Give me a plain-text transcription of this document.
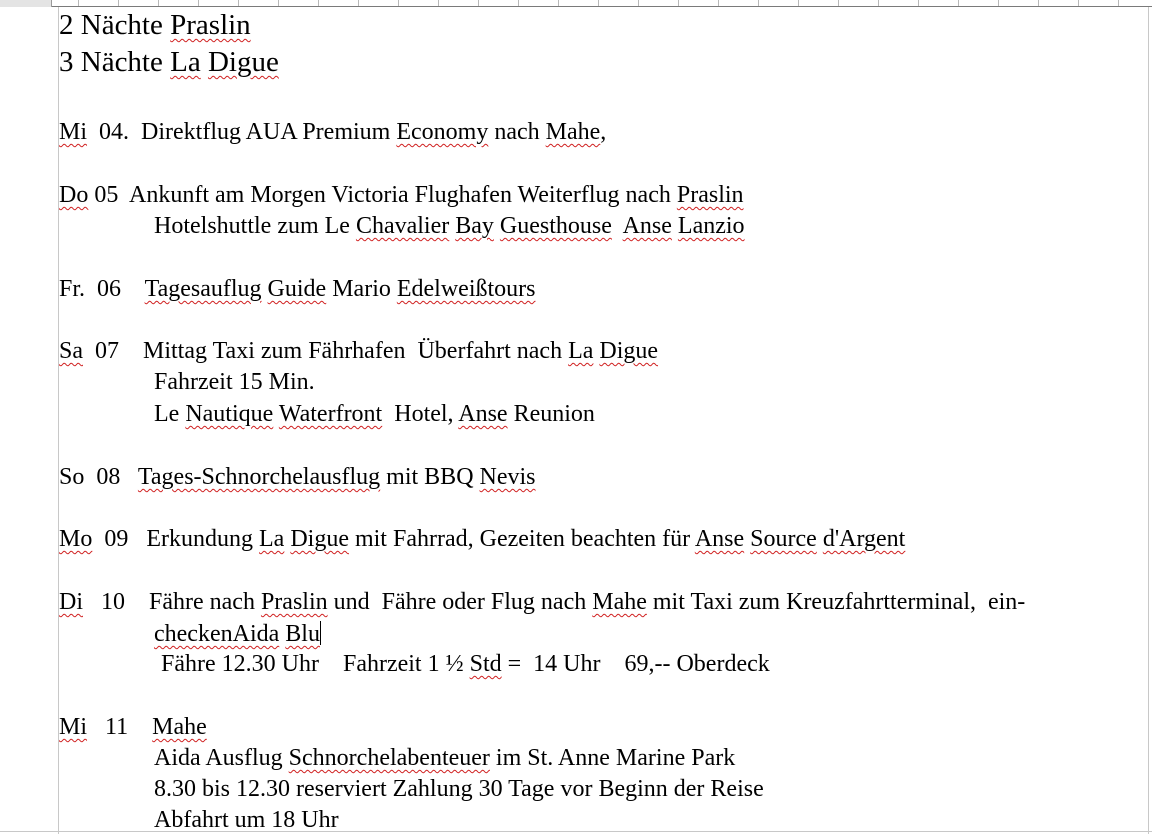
2 Nächte Praslin
3 Nächte La Digue
Mi  04.  Direktflug AUA Premium Economy nach Mahe,
Do 05  Ankunft am Morgen Victoria Flughafen Weiterflug nach Praslin
Hotelshuttle zum Le Chavalier Bay Guesthouse Anse Lanzio
Fr.  06    Tagesauflug Guide Mario Edelweißtours
Sa  07    Mittag Taxi zum Fährhafen  Überfahrt nach La Digue
Fahrzeit 15 Min.
Le Nautique Waterfront  Hotel, Anse Reunion
So  08   Tages-Schnorchelausflug mit BBQ Nevis
Mo  09   Erkundung La Digue mit Fahrrad, Gezeiten beachten für Anse Source d'Argent
Di   10    Fähre nach Praslin und  Fähre oder Flug nach Mahe mit Taxi zum Kreuzfahrtterminal,  ein-
checkenAida Blu
Fähre 12.30 Uhr    Fahrzeit 1 ½ Std =  14 Uhr    69,-- Oberdeck
Mi   11    Mahe
Aida Ausflug Schnorchelabenteuer im St. Anne Marine Park
8.30 bis 12.30 reserviert Zahlung 30 Tage vor Beginn der Reise
Abfahrt um 18 Uhr
